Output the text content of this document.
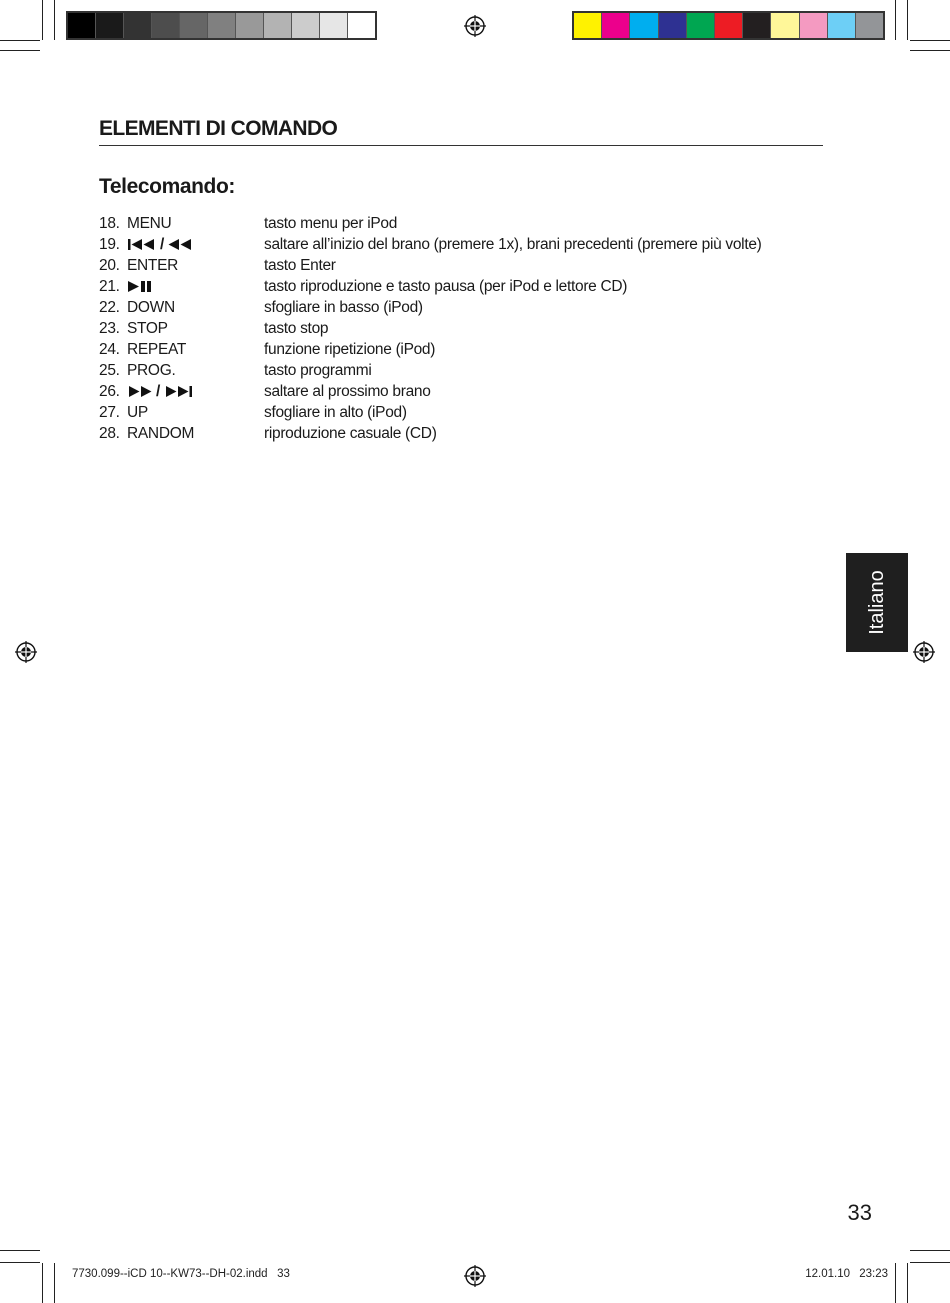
ELEMENTI DI COMANDO
Telecomando:
18. MENU	tasto menu per iPod
19.	/	saltare all’inizio del brano (premere 1x), brani precedenti (premere più volte)
20. ENTER	tasto Enter
21.	tasto riproduzione e tasto pausa (per iPod e lettore CD)
22. DOWN	sfogliare in basso (iPod)
23. STOP	tasto stop
24. REPEAT	funzione ripetizione (iPod)
25. PROG.	tasto programmi
26.	/	saltare al prossimo brano
27. UP	sfogliare in alto (iPod)
28. RANDOM	riproduzione casuale (CD)
Italiano
33
7730.099--iCD 10--KW73--DH-02.indd   33	12.01.10 23:23
